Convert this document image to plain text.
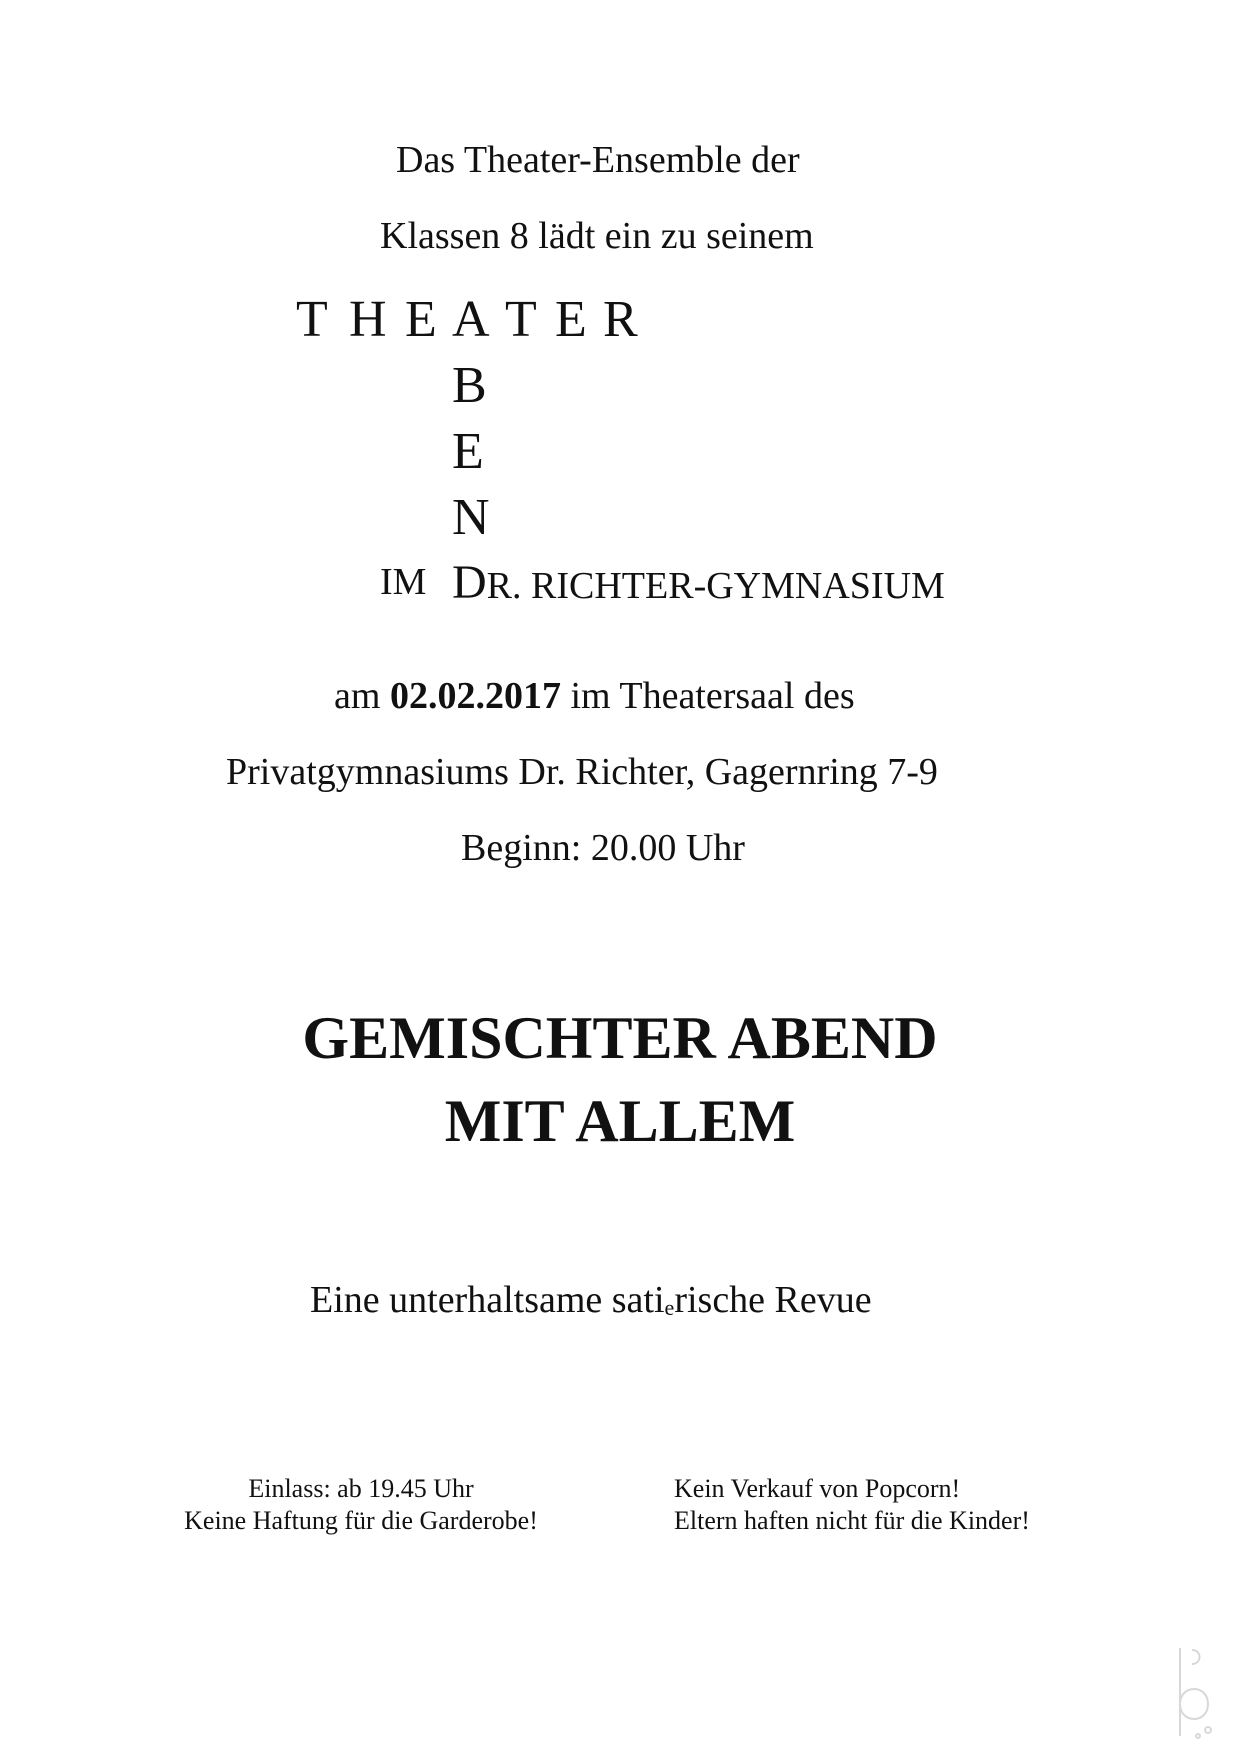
Das Theater-Ensemble der
Klassen 8 lädt ein zu seinem
T H E A T E R
B
E
N
IM DR. RICHTER-GYMNASIUM
am 02.02.2017 im Theatersaal des
Privatgymnasiums Dr. Richter, Gagernring 7-9
Beginn: 20.00 Uhr
GEMISCHTER ABEND
MIT ALLEM
Eine unterhaltsame satierische Revue
Einlass: ab 19.45 Uhr
Keine Haftung für die Garderobe!
Kein Verkauf von Popcorn!
Eltern haften nicht für die Kinder!
